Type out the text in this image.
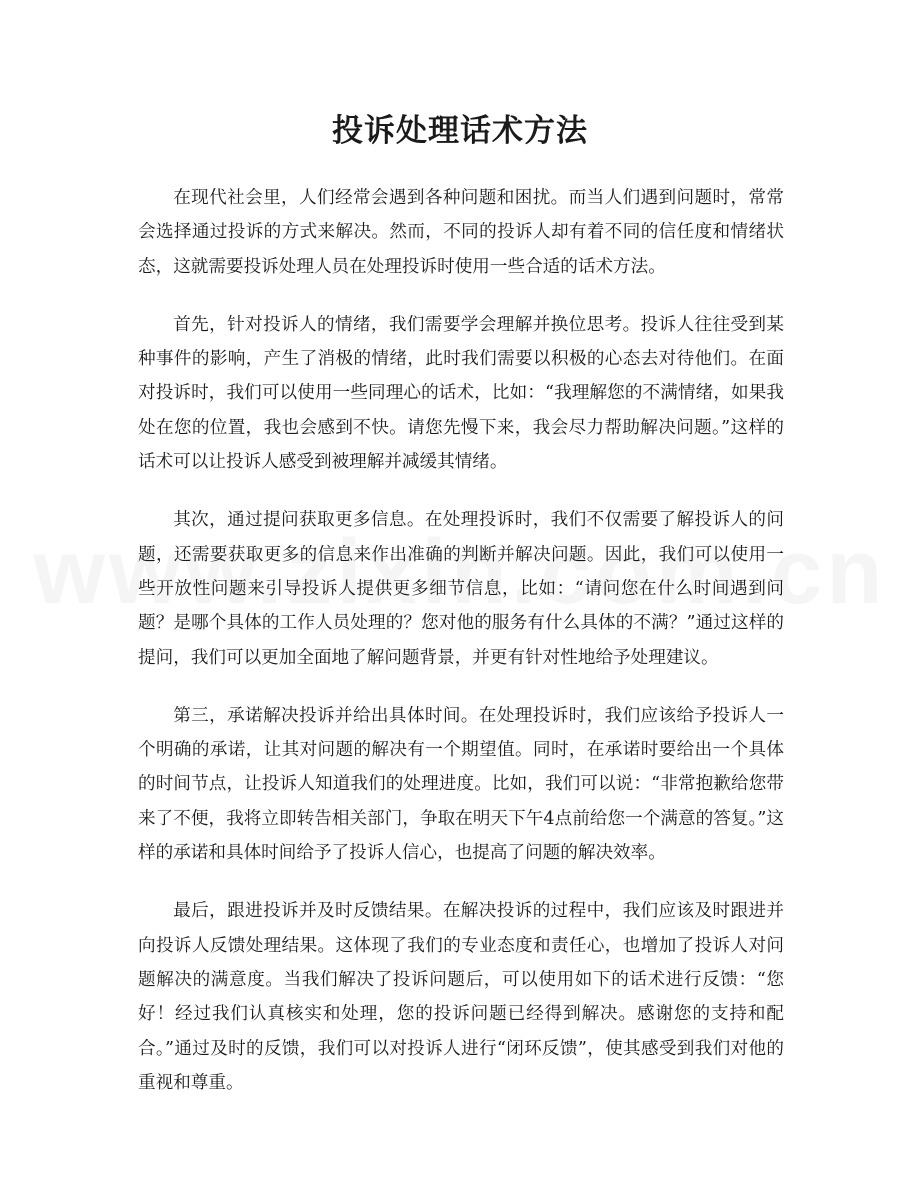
投诉处理话术方法

在现代社会里，人们经常会遇到各种问题和困扰。而当人们遇到问题时，常常会选择通过投诉的方式来解决。然而，不同的投诉人却有着不同的信任度和情绪状态，这就需要投诉处理人员在处理投诉时使用一些合适的话术方法。

首先，针对投诉人的情绪，我们需要学会理解并换位思考。投诉人往往受到某种事件的影响，产生了消极的情绪，此时我们需要以积极的心态去对待他们。在面对投诉时，我们可以使用一些同理心的话术，比如：“我理解您的不满情绪，如果我处在您的位置，我也会感到不快。请您先慢下来，我会尽力帮助解决问题。”这样的话术可以让投诉人感受到被理解并减缓其情绪。

其次，通过提问获取更多信息。在处理投诉时，我们不仅需要了解投诉人的问题，还需要获取更多的信息来作出准确的判断并解决问题。因此，我们可以使用一些开放性问题来引导投诉人提供更多细节信息，比如：“请问您在什么时间遇到问题？是哪个具体的工作人员处理的？您对他的服务有什么具体的不满？”通过这样的提问，我们可以更加全面地了解问题背景，并更有针对性地给予处理建议。

第三，承诺解决投诉并给出具体时间。在处理投诉时，我们应该给予投诉人一个明确的承诺，让其对问题的解决有一个期望值。同时，在承诺时要给出一个具体的时间节点，让投诉人知道我们的处理进度。比如，我们可以说：“非常抱歉给您带来了不便，我将立即转告相关部门，争取在明天下午4点前给您一个满意的答复。”这样的承诺和具体时间给予了投诉人信心，也提高了问题的解决效率。

最后，跟进投诉并及时反馈结果。在解决投诉的过程中，我们应该及时跟进并向投诉人反馈处理结果。这体现了我们的专业态度和责任心，也增加了投诉人对问题解决的满意度。当我们解决了投诉问题后，可以使用如下的话术进行反馈：“您好！经过我们认真核实和处理，您的投诉问题已经得到解决。感谢您的支持和配合。”通过及时的反馈，我们可以对投诉人进行“闭环反馈”，使其感受到我们对他的重视和尊重。
